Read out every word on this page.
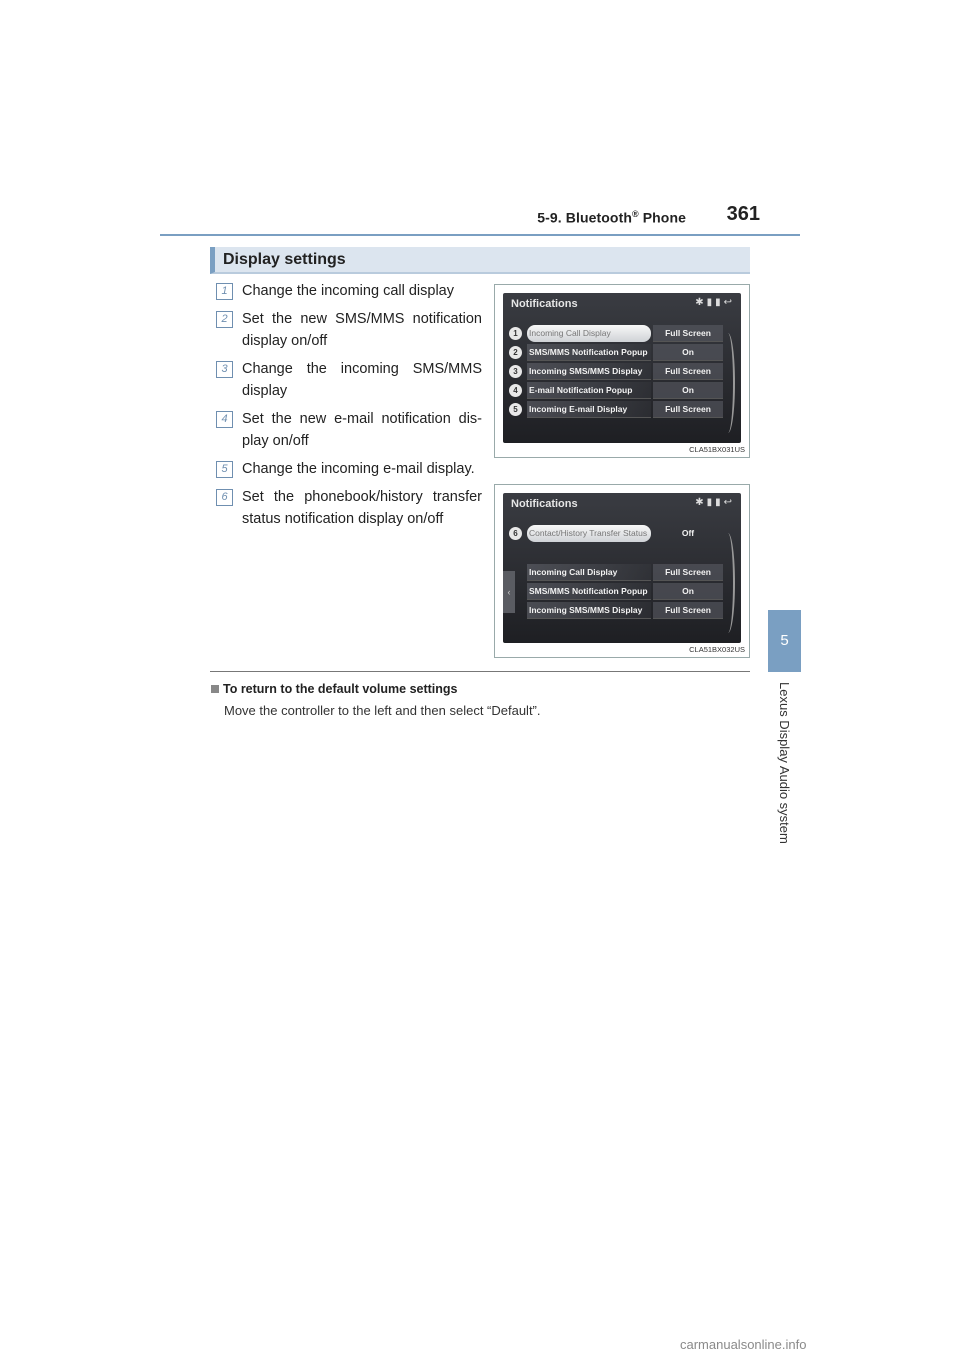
5-9. Bluetooth® Phone 361
5
Lexus Display Audio system
Display settings
1 Change the incoming call display
2 Set the new SMS/MMS notification display on/off
3 Change the incoming SMS/MMS display
4 Set the new e-mail notification dis-play on/off
5 Change the incoming e-mail display.
6 Set the phonebook/history transfer status notification display on/off
Notifications	✱▮▮↩
1	Incoming Call Display	Full Screen
2	SMS/MMS Notification Popup	On
3	Incoming SMS/MMS Display	Full Screen
4	E-mail Notification Popup	On
5	Incoming E-mail Display	Full Screen
CLA51BX031US
Notifications	✱▮▮↩
6	Contact/History Transfer Status	Off
Incoming Call Display	Full Screen
SMS/MMS Notification Popup	On
Incoming SMS/MMS Display	Full Screen
‹
CLA51BX032US
To return to the default volume settings
Move the controller to the left and then select “Default”.
carmanualsonline.info
